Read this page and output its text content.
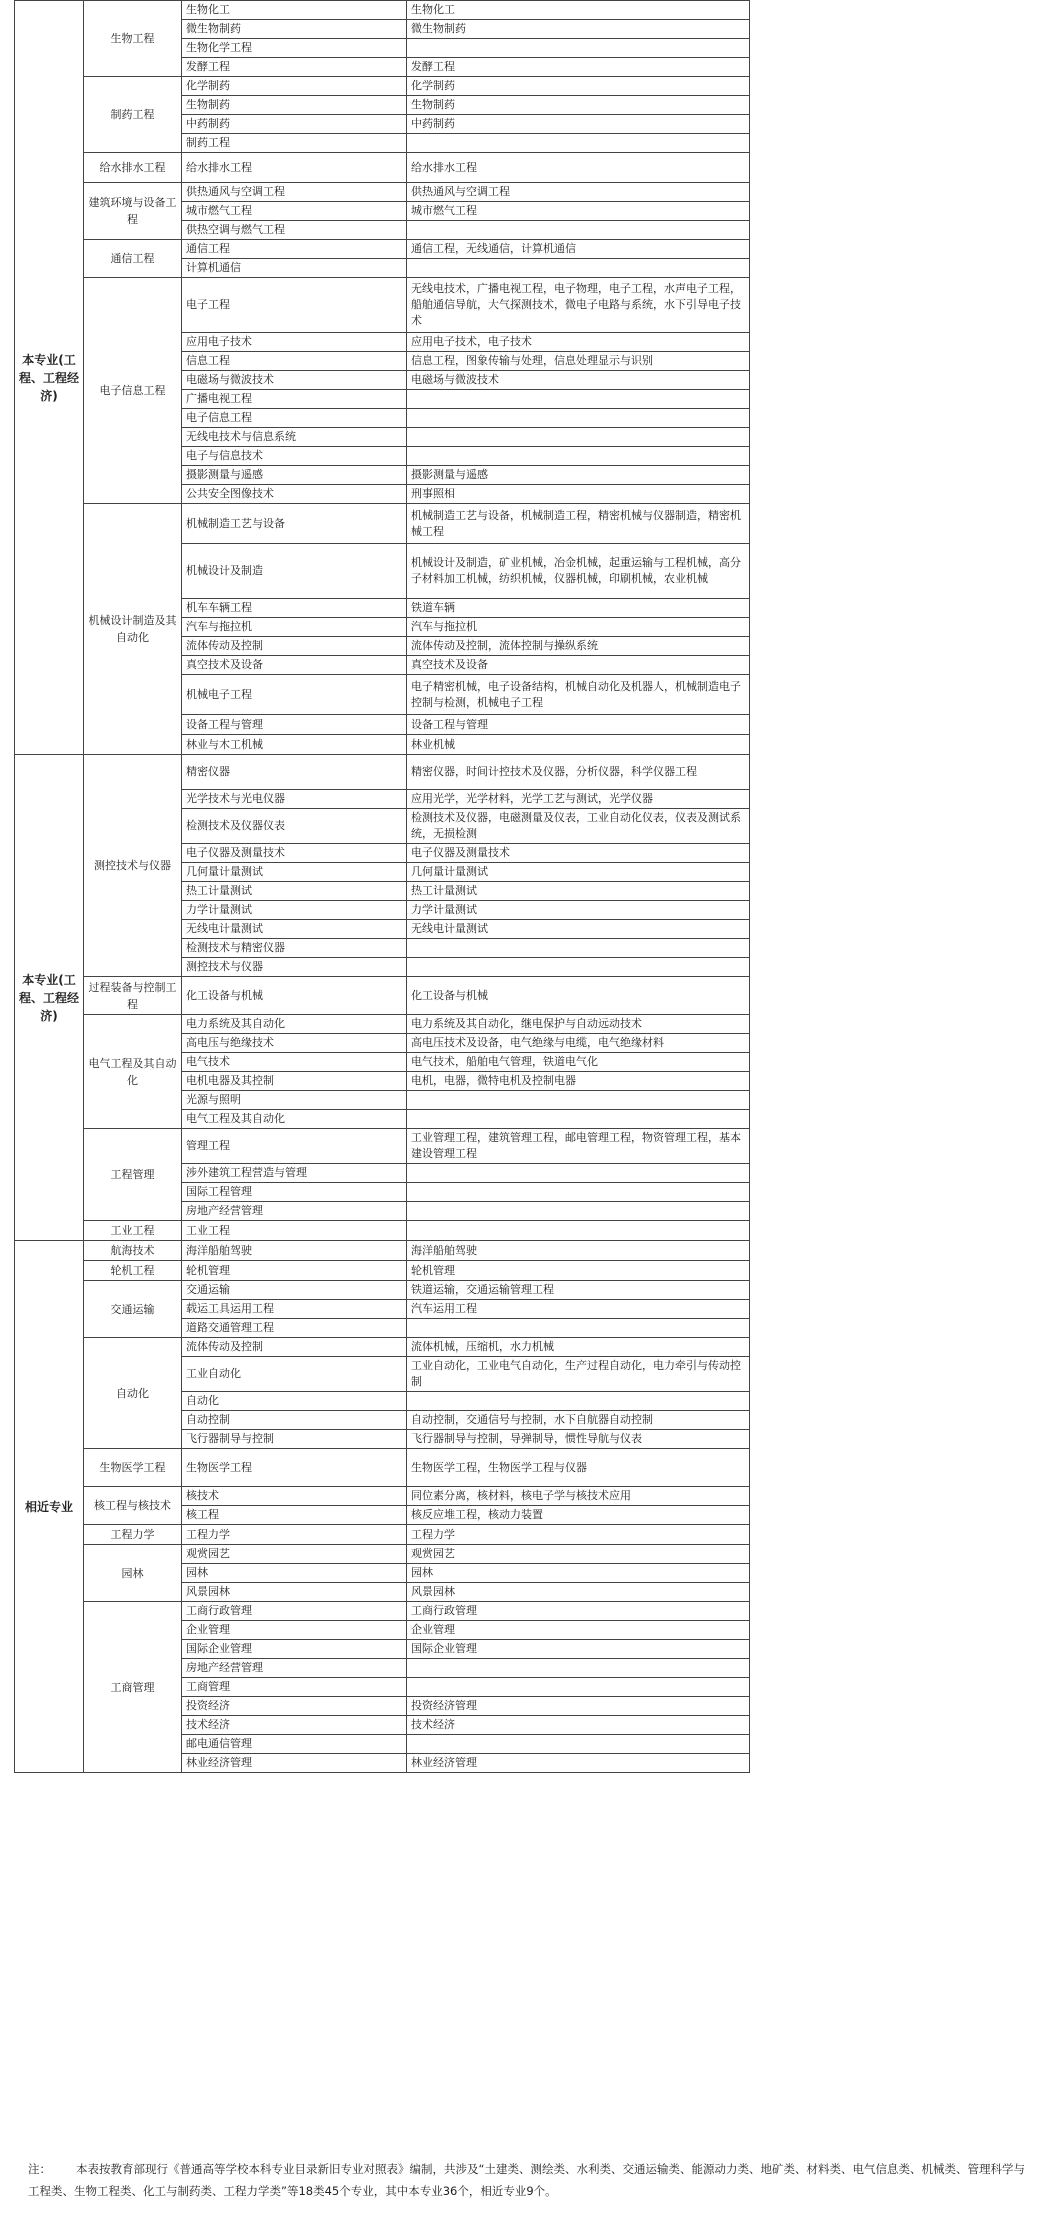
本专业(工程、工程经济)	生物工程	生物化工	生物化工
		微生物制药	微生物制药
		生物化学工程	
		发酵工程	发酵工程
	制药工程	化学制药	化学制药
		生物制药	生物制药
		中药制药	中药制药
		制药工程	
	给水排水工程	给水排水工程	给水排水工程
	建筑环境与设备工程	供热通风与空调工程	供热通风与空调工程
		城市燃气工程	城市燃气工程
		供热空调与燃气工程	
	通信工程	通信工程	通信工程，无线通信，计算机通信
		计算机通信	
	电子信息工程	电子工程	无线电技术，广播电视工程，电子物理，电子工程，水声电子工程，船舶通信导航，大气探测技术，微电子电路与系统，水下引导电子技术
		应用电子技术	应用电子技术，电子技术
		信息工程	信息工程，图象传输与处理，信息处理显示与识别
		电磁场与微波技术	电磁场与微波技术
		广播电视工程	
		电子信息工程	
		无线电技术与信息系统	
		电子与信息技术	
		摄影测量与遥感	摄影测量与遥感
		公共安全图像技术	刑事照相
	机械设计制造及其自动化	机械制造工艺与设备	机械制造工艺与设备，机械制造工程，精密机械与仪器制造，精密机械工程
		机械设计及制造	机械设计及制造，矿业机械，冶金机械，起重运输与工程机械，高分子材料加工机械，纺织机械，仪器机械，印刷机械，农业机械
		机车车辆工程	铁道车辆
		汽车与拖拉机	汽车与拖拉机
		流体传动及控制	流体传动及控制，流体控制与操纵系统
		真空技术及设备	真空技术及设备
		机械电子工程	电子精密机械，电子设备结构，机械自动化及机器人，机械制造电子控制与检测，机械电子工程
		设备工程与管理	设备工程与管理
		林业与木工机械	林业机械
本专业(工程、工程经济)	测控技术与仪器	精密仪器	精密仪器，时间计控技术及仪器，分析仪器，科学仪器工程
		光学技术与光电仪器	应用光学，光学材料，光学工艺与测试，光学仪器
		检测技术及仪器仪表	检测技术及仪器，电磁测量及仪表，工业自动化仪表，仪表及测试系统，无损检测
		电子仪器及测量技术	电子仪器及测量技术
		几何量计量测试	几何量计量测试
		热工计量测试	热工计量测试
		力学计量测试	力学计量测试
		无线电计量测试	无线电计量测试
		检测技术与精密仪器	
		测控技术与仪器	
	过程装备与控制工程	化工设备与机械	化工设备与机械
	电气工程及其自动化	电力系统及其自动化	电力系统及其自动化，继电保护与自动远动技术
		高电压与绝缘技术	高电压技术及设备，电气绝缘与电缆，电气绝缘材料
		电气技术	电气技术，船舶电气管理，铁道电气化
		电机电器及其控制	电机，电器，微特电机及控制电器
		光源与照明	
		电气工程及其自动化	
	工程管理	管理工程	工业管理工程，建筑管理工程，邮电管理工程，物资管理工程，基本建设管理工程
		涉外建筑工程营造与管理	
		国际工程管理	
		房地产经营管理	
	工业工程	工业工程	
相近专业	航海技术	海洋船舶驾驶	海洋船舶驾驶
	轮机工程	轮机管理	轮机管理
	交通运输	交通运输	铁道运输，交通运输管理工程
		载运工具运用工程	汽车运用工程
		道路交通管理工程	
	自动化	流体传动及控制	流体机械，压缩机，水力机械
		工业自动化	工业自动化，工业电气自动化，生产过程自动化，电力牵引与传动控制
		自动化	
		自动控制	自动控制，交通信号与控制，水下自航器自动控制
		飞行器制导与控制	飞行器制导与控制，导弹制导，惯性导航与仪表
	生物医学工程	生物医学工程	生物医学工程，生物医学工程与仪器
	核工程与核技术	核技术	同位素分离，核材料，核电子学与核技术应用
		核工程	核反应堆工程，核动力装置
	工程力学	工程力学	工程力学
	园林	观赏园艺	观赏园艺
		园林	园林
		风景园林	风景园林
	工商管理	工商行政管理	工商行政管理
		企业管理	企业管理
		国际企业管理	国际企业管理
		房地产经营管理	
		工商管理	
		投资经济	投资经济管理
		技术经济	技术经济
		邮电通信管理	
		林业经济管理	林业经济管理
注： 本表按教育部现行《普通高等学校本科专业目录新旧专业对照表》编制，共涉及“土建类、测绘类、水利类、交通运输类、能源动力类、地矿类、材料类、电气信息类、机械类、管理科学与工程类、生物工程类、化工与制药类、工程力学类”等18类45个专业，其中本专业36个，相近专业9个。
